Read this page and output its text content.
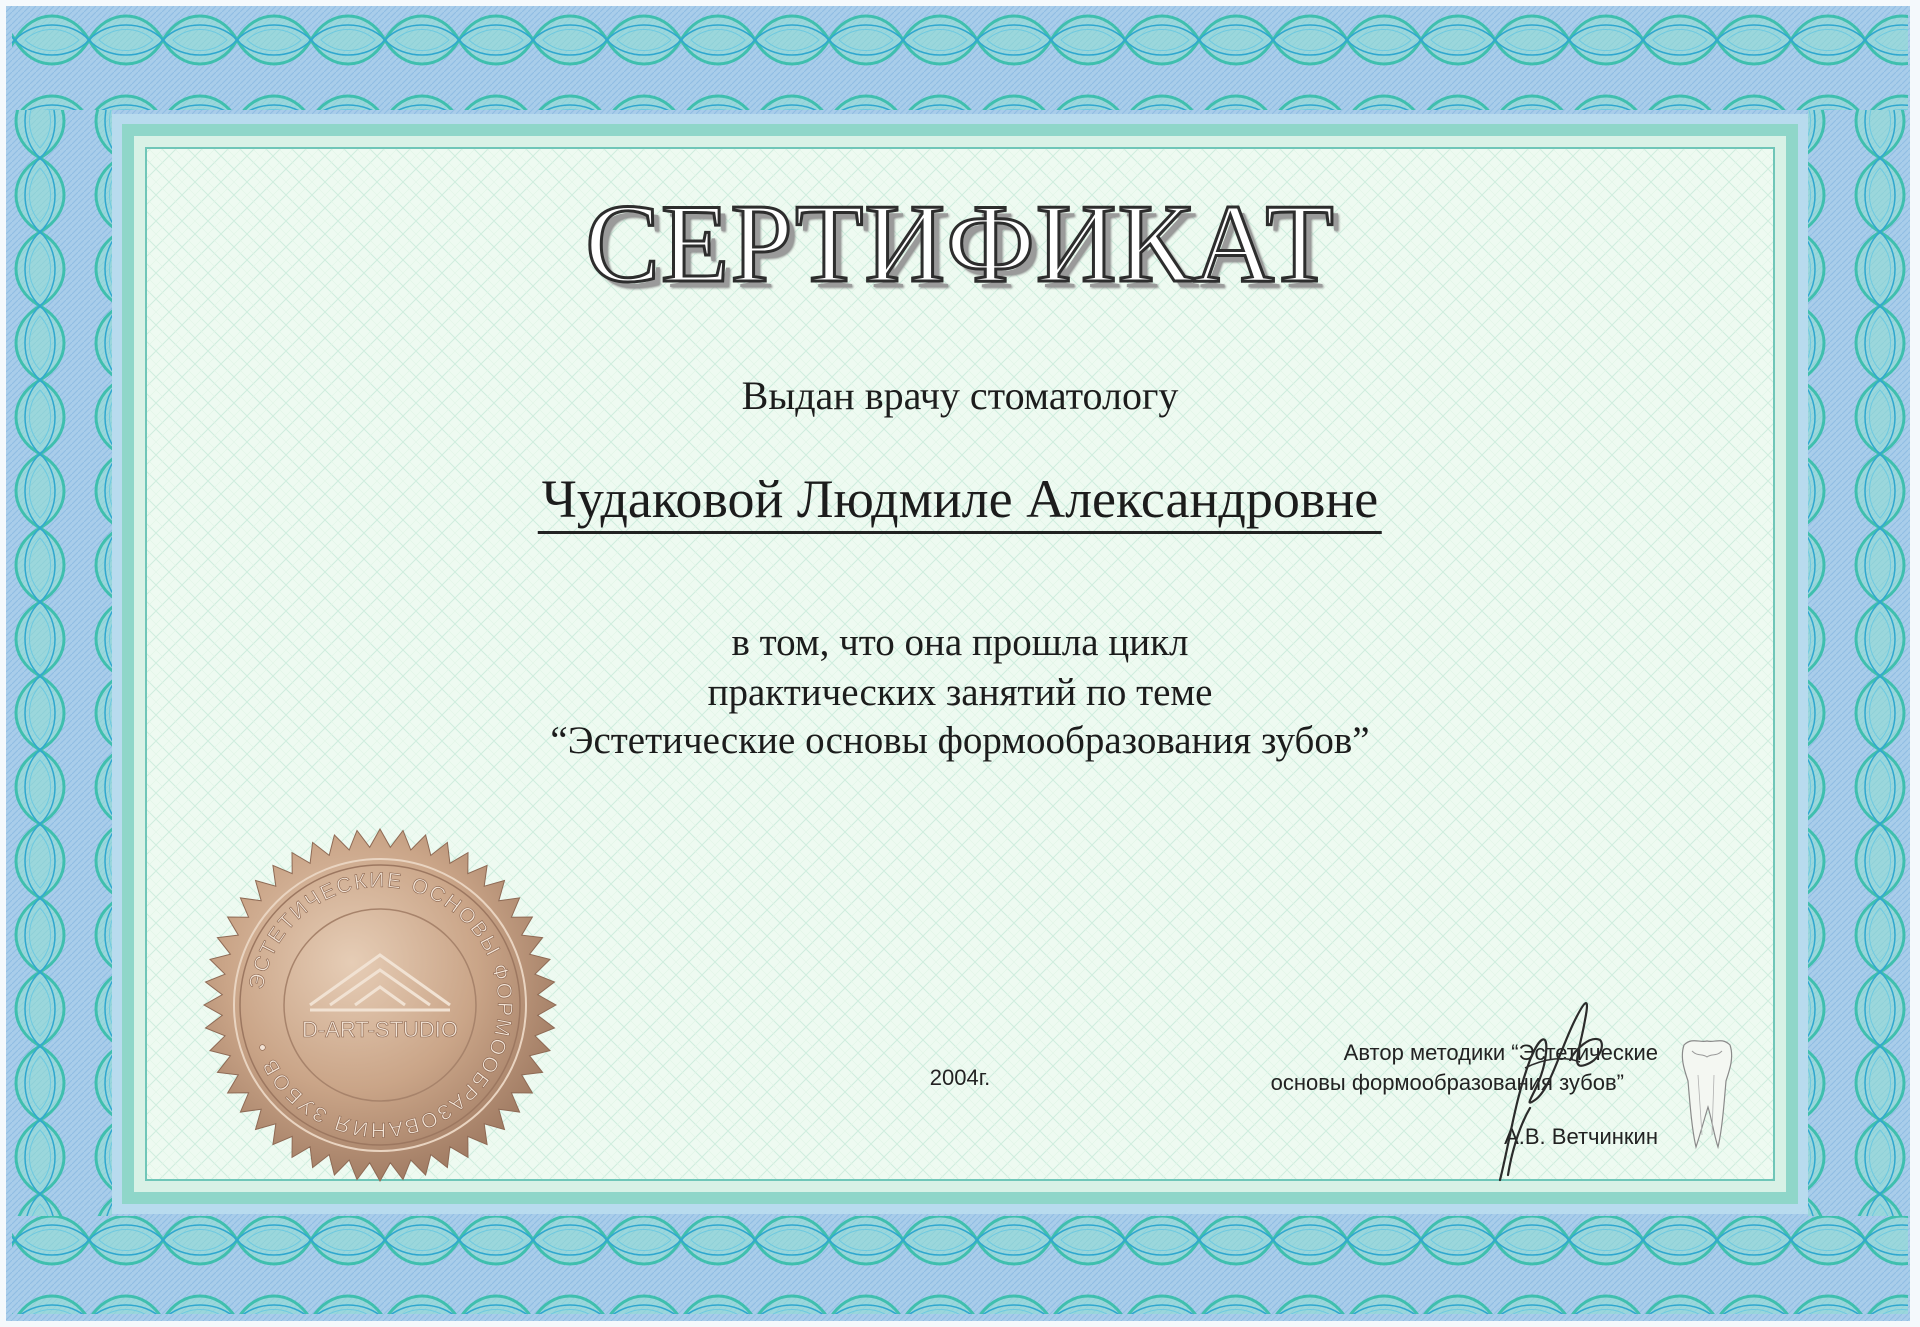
СЕРТИФИКАТ
Выдан врачу стоматологу
Чудаковой Людмиле Александровне
в том, что она прошла цикл
практических занятий по теме
“Эстетические основы формообразования зубов”
2004г.
Автор методики “Эстетические
основы формообразования зубов”
А.В. Ветчинкин
ЭСТЕТИЧЕСКИЕ ОСНОВЫ ФОРМООБРАЗОВАНИЯ ЗУБОВ •
D-ART-STUDIO
